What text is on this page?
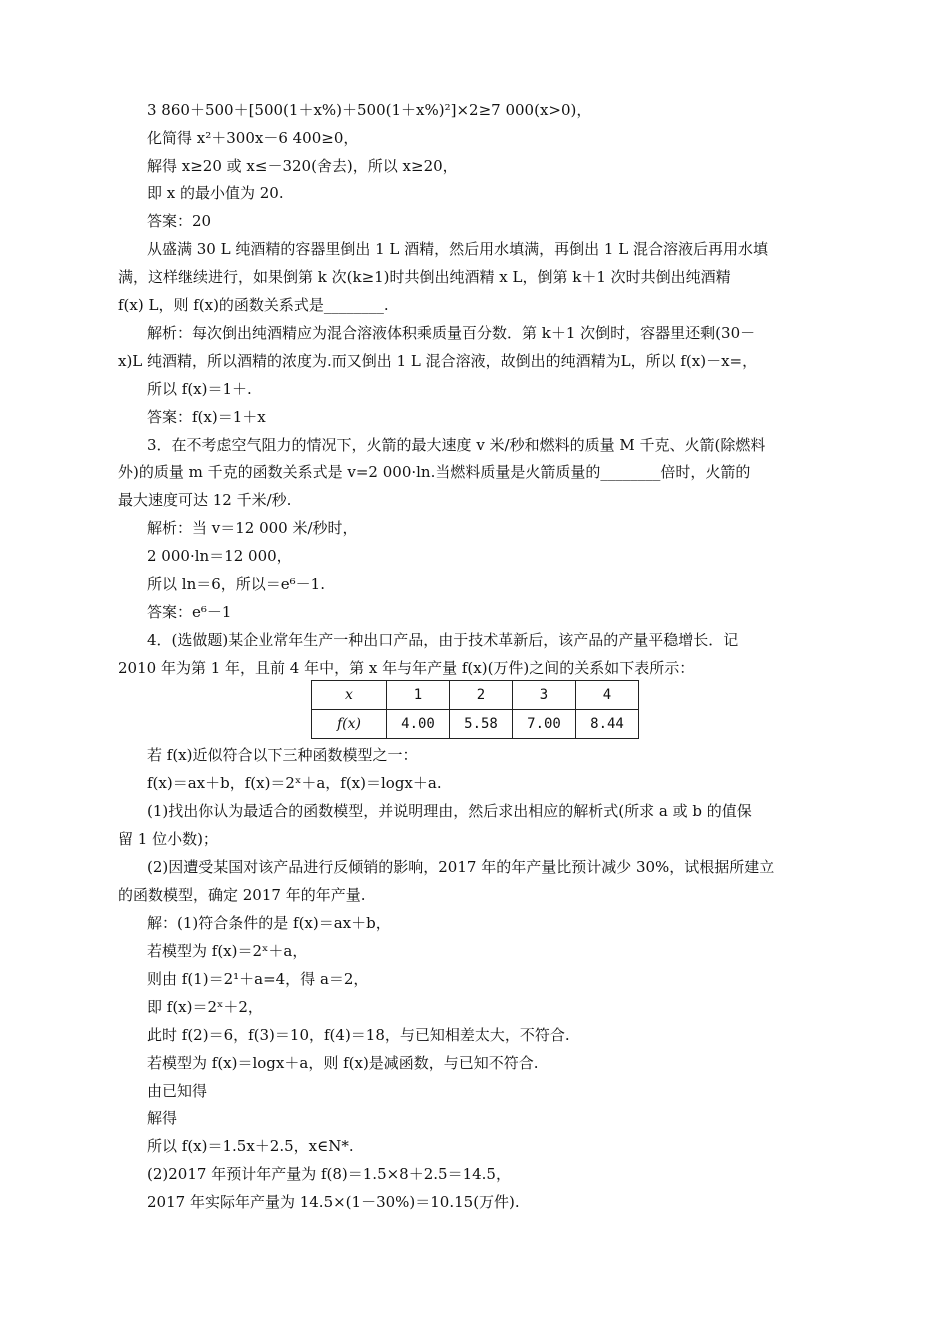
3 860＋500＋[500(1＋x%)＋500(1＋x%)²]×2≥7 000(x>0)，
化简得 x²＋300x－6 400≥0，
解得 x≥20 或 x≤－320(舍去)，所以 x≥20，
即 x 的最小值为 20.
答案：20
从盛满 30 L 纯酒精的容器里倒出 1 L 酒精，然后用水填满，再倒出 1 L 混合溶液后再用水填
满，这样继续进行，如果倒第 k 次(k≥1)时共倒出纯酒精 x L，倒第 k＋1 次时共倒出纯酒精
f(x) L，则 f(x)的函数关系式是________.
解析：每次倒出纯酒精应为混合溶液体积乘质量百分数．第 k＋1 次倒时，容器里还剩(30－
x)L 纯酒精，所以酒精的浓度为.而又倒出 1 L 混合溶液，故倒出的纯酒精为L，所以 f(x)－x=，
所以 f(x)＝1＋.
答案：f(x)＝1＋x
3．在不考虑空气阻力的情况下，火箭的最大速度 v 米/秒和燃料的质量 M 千克、火箭(除燃料
外)的质量 m 千克的函数关系式是 v=2 000·ln.当燃料质量是火箭质量的________倍时，火箭的
最大速度可达 12 千米/秒.
解析：当 v＝12 000 米/秒时，
2 000·ln＝12 000，
所以 ln＝6，所以＝e⁶－1.
答案：e⁶－1
4．(选做题)某企业常年生产一种出口产品，由于技术革新后，该产品的产量平稳增长．记
2010 年为第 1 年，且前 4 年中，第 x 年与年产量 f(x)(万件)之间的关系如下表所示：
x	1	2	3	4
f(x)	4.00	5.58	7.00	8.44
若 f(x)近似符合以下三种函数模型之一：
f(x)＝ax＋b，f(x)＝2ˣ＋a，f(x)＝logx＋a.
(1)找出你认为最适合的函数模型，并说明理由，然后求出相应的解析式(所求 a 或 b 的值保
留 1 位小数)；
(2)因遭受某国对该产品进行反倾销的影响，2017 年的年产量比预计减少 30%，试根据所建立
的函数模型，确定 2017 年的年产量.
解：(1)符合条件的是 f(x)＝ax＋b，
若模型为 f(x)＝2ˣ＋a，
则由 f(1)＝2¹＋a=4，得 a＝2，
即 f(x)＝2ˣ＋2，
此时 f(2)＝6，f(3)＝10，f(4)＝18，与已知相差太大，不符合.
若模型为 f(x)＝logx＋a，则 f(x)是减函数，与已知不符合.
由已知得
解得
所以 f(x)＝1.5x＋2.5，x∈N*.
(2)2017 年预计年产量为 f(8)＝1.5×8＋2.5＝14.5，
2017 年实际年产量为 14.5×(1－30%)＝10.15(万件).
